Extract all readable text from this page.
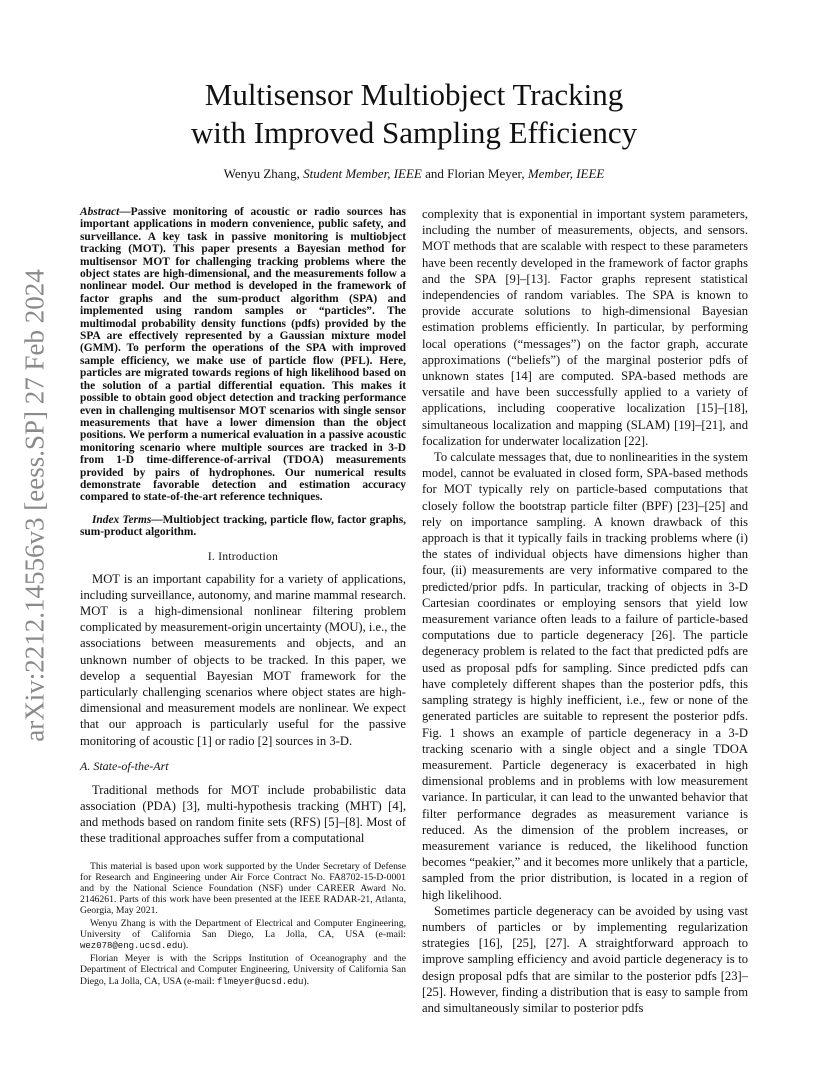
arXiv:2212.14556v3 [eess.SP] 27 Feb 2024
Multisensor Multiobject Tracking
with Improved Sampling Efficiency
Wenyu Zhang, Student Member, IEEE and Florian Meyer, Member, IEEE

Abstract—Passive monitoring of acoustic or radio sources has important applications in modern convenience, public safety, and surveillance. A key task in passive monitoring is multiobject tracking (MOT). This paper presents a Bayesian method for multisensor MOT for challenging tracking problems where the object states are high-dimensional, and the measurements follow a nonlinear model. Our method is developed in the framework of factor graphs and the sum-product algorithm (SPA) and implemented using random samples or “particles”. The multimodal probability density functions (pdfs) provided by the SPA are effectively represented by a Gaussian mixture model (GMM). To perform the operations of the SPA with improved sample efficiency, we make use of particle flow (PFL). Here, particles are migrated towards regions of high likelihood based on the solution of a partial differential equation. This makes it possible to obtain good object detection and tracking performance even in challenging multisensor MOT scenarios with single sensor measurements that have a lower dimension than the object positions. We perform a numerical evaluation in a passive acoustic monitoring scenario where multiple sources are tracked in 3-D from 1-D time-difference-of-arrival (TDOA) measurements provided by pairs of hydrophones. Our numerical results demonstrate favorable detection and estimation accuracy compared to state-of-the-art reference techniques.

Index Terms—Multiobject tracking, particle flow, factor graphs, sum-product algorithm.

I. Introduction

MOT is an important capability for a variety of applications, including surveillance, autonomy, and marine mammal research. MOT is a high-dimensional nonlinear filtering problem complicated by measurement-origin uncertainty (MOU), i.e., the associations between measurements and objects, and an unknown number of objects to be tracked. In this paper, we develop a sequential Bayesian MOT framework for the particularly challenging scenarios where object states are high-dimensional and measurement models are nonlinear. We expect that our approach is particularly useful for the passive monitoring of acoustic [1] or radio [2] sources in 3-D.

A. State-of-the-Art

Traditional methods for MOT include probabilistic data association (PDA) [3], multi-hypothesis tracking (MHT) [4], and methods based on random finite sets (RFS) [5]–[8]. Most of these traditional approaches suffer from a computational

This material is based upon work supported by the Under Secretary of Defense for Research and Engineering under Air Force Contract No. FA8702-15-D-0001 and by the National Science Foundation (NSF) under CAREER Award No. 2146261. Parts of this work have been presented at the IEEE RADAR-21, Atlanta, Georgia, May 2021.

Wenyu Zhang is with the Department of Electrical and Computer Engineering, University of California San Diego, La Jolla, CA, USA (e-mail: wez078@eng.ucsd.edu).

Florian Meyer is with the Scripps Institution of Oceanography and the Department of Electrical and Computer Engineering, University of California San Diego, La Jolla, CA, USA (e-mail: flmeyer@ucsd.edu).

complexity that is exponential in important system parameters, including the number of measurements, objects, and sensors. MOT methods that are scalable with respect to these parameters have been recently developed in the framework of factor graphs and the SPA [9]–[13]. Factor graphs represent statistical independencies of random variables. The SPA is known to provide accurate solutions to high-dimensional Bayesian estimation problems efficiently. In particular, by performing local operations (“messages”) on the factor graph, accurate approximations (“beliefs”) of the marginal posterior pdfs of unknown states [14] are computed. SPA-based methods are versatile and have been successfully applied to a variety of applications, including cooperative localization [15]–[18], simultaneous localization and mapping (SLAM) [19]–[21], and focalization for underwater localization [22].

To calculate messages that, due to nonlinearities in the system model, cannot be evaluated in closed form, SPA-based methods for MOT typically rely on particle-based computations that closely follow the bootstrap particle filter (BPF) [23]–[25] and rely on importance sampling. A known drawback of this approach is that it typically fails in tracking problems where (i) the states of individual objects have dimensions higher than four, (ii) measurements are very informative compared to the predicted/prior pdfs. In particular, tracking of objects in 3-D Cartesian coordinates or employing sensors that yield low measurement variance often leads to a failure of particle-based computations due to particle degeneracy [26]. The particle degeneracy problem is related to the fact that predicted pdfs are used as proposal pdfs for sampling. Since predicted pdfs can have completely different shapes than the posterior pdfs, this sampling strategy is highly inefficient, i.e., few or none of the generated particles are suitable to represent the posterior pdfs. Fig. 1 shows an example of particle degeneracy in a 3-D tracking scenario with a single object and a single TDOA measurement. Particle degeneracy is exacerbated in high dimensional problems and in problems with low measurement variance. In particular, it can lead to the unwanted behavior that filter performance degrades as measurement variance is reduced. As the dimension of the problem increases, or measurement variance is reduced, the likelihood function becomes “peakier,” and it becomes more unlikely that a particle, sampled from the prior distribution, is located in a region of high likelihood.

Sometimes particle degeneracy can be avoided by using vast numbers of particles or by implementing regularization strategies [16], [25], [27]. A straightforward approach to improve sampling efficiency and avoid particle degeneracy is to design proposal pdfs that are similar to the posterior pdfs [23]–[25]. However, finding a distribution that is easy to sample from and simultaneously similar to posterior pdfs
